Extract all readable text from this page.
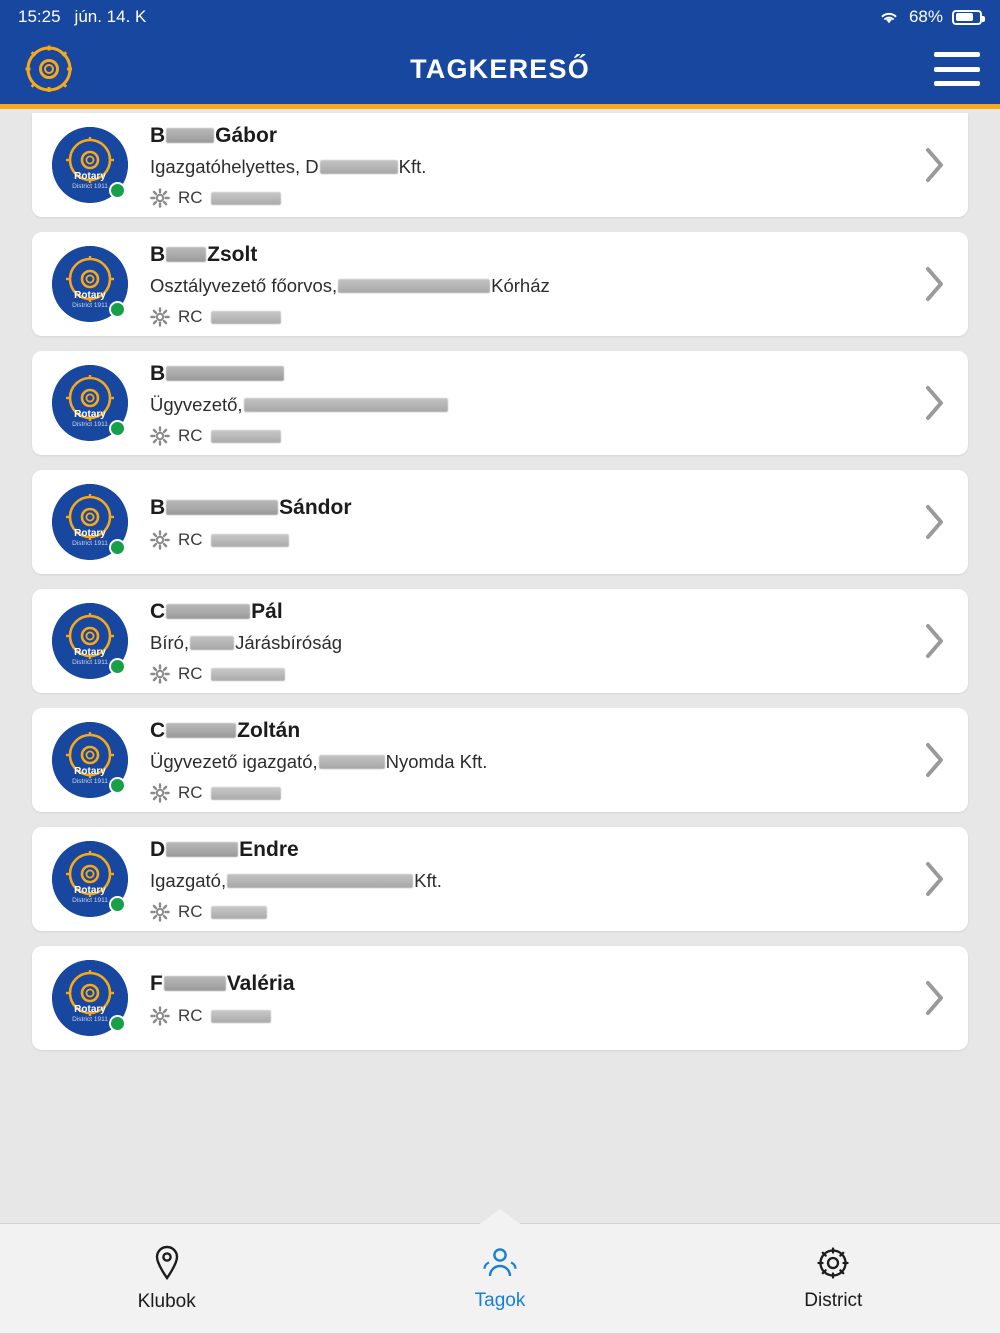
15:25 jún. 14. K	68%
TAGKERESŐ
Rotary
District 1911
B Gábor
Igazgatóhelyettes, D	Kft.
RC
Rotary
District 1911
B Zsolt
Osztályvezető főorvos,	Kórház
RC
Rotary
District 1911
B
Ügyvezető,
RC
Rotary
District 1911
B	Sándor
RC
Rotary
District 1911
C	Pál
Bíró, Járásbíróság
RC
Rotary
District 1911
C	Zoltán
Ügyvezető igazgató,	Nyomda Kft.
RC
Rotary
District 1911
D	Endre
Igazgató,	Kft.
RC
Rotary
District 1911
F	Valéria
RC
Klubok	Tagok	District
